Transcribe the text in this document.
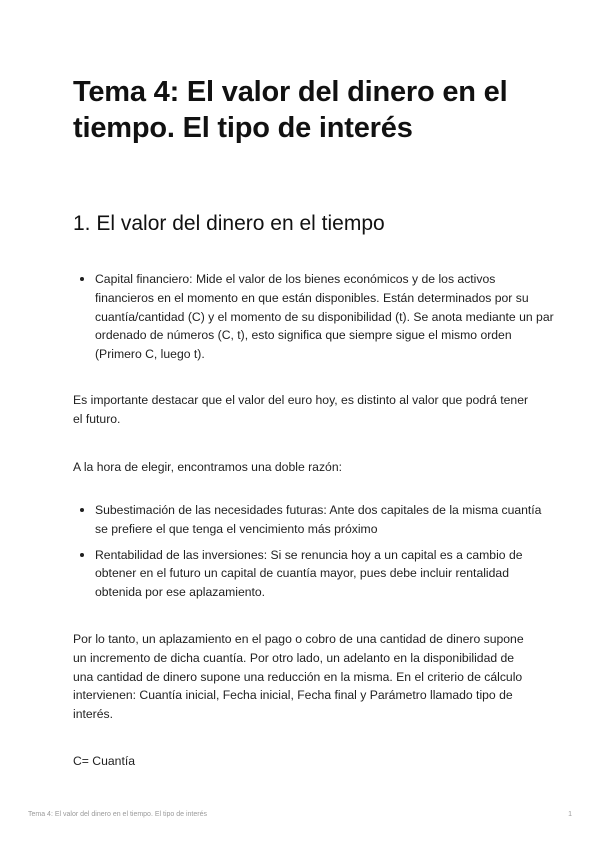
Tema 4: El valor del dinero en el tiempo. El tipo de interés
1. El valor del dinero en el tiempo
Capital financiero: Mide el valor de los bienes económicos y de los activos financieros en el momento en que están disponibles. Están determinados por su cuantía/cantidad (C) y el momento de su disponibilidad (t). Se anota mediante un par ordenado de números (C, t), esto significa que siempre sigue el mismo orden (Primero C, luego t).

Es importante destacar que el valor del euro hoy, es distinto al valor que podrá tener el futuro.

A la hora de elegir, encontramos una doble razón:

Subestimación de las necesidades futuras: Ante dos capitales de la misma cuantía se prefiere el que tenga el vencimiento más próximo
Rentabilidad de las inversiones: Si se renuncia hoy a un capital es a cambio de obtener en el futuro un capital de cuantía mayor, pues debe incluir rentalidad obtenida por ese aplazamiento.

Por lo tanto, un aplazamiento en el pago o cobro de una cantidad de dinero supone un incremento de dicha cuantía. Por otro lado, un adelanto en la disponibilidad de una cantidad de dinero supone una reducción en la misma. En el criterio de cálculo intervienen: Cuantía inicial, Fecha inicial, Fecha final y Parámetro llamado tipo de interés.

C= Cuantía

Tema 4: El valor del dinero en el tiempo. El tipo de interés	1
